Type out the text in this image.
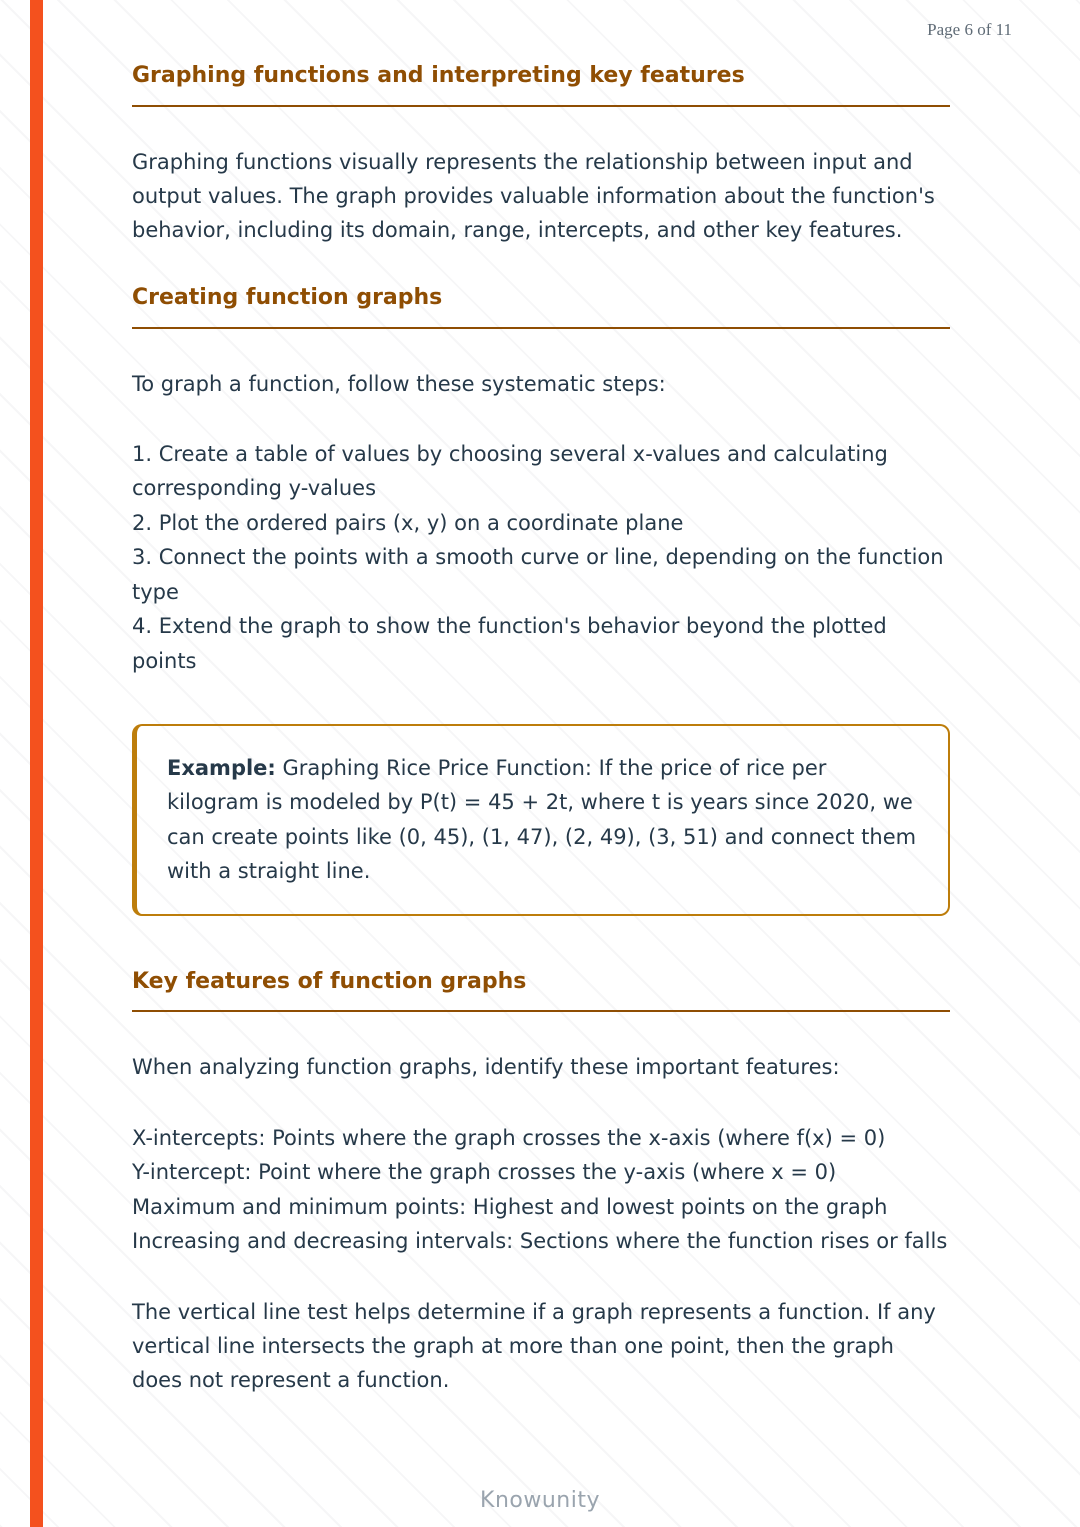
Page 6 of 11
Graphing functions and interpreting key features

Graphing functions visually represents the relationship between input and output values. The graph provides valuable information about the function's behavior, including its domain, range, intercepts, and other key features.

Creating function graphs

To graph a function, follow these systematic steps:

1. Create a table of values by choosing several x-values and calculating corresponding y-values
2. Plot the ordered pairs (x, y) on a coordinate plane
3. Connect the points with a smooth curve or line, depending on the function type
4. Extend the graph to show the function's behavior beyond the plotted points
Example: Graphing Rice Price Function: If the price of rice per kilogram is modeled by P(t) = 45 + 2t, where t is years since 2020, we can create points like (0, 45), (1, 47), (2, 49), (3, 51) and connect them with a straight line.
Key features of function graphs

When analyzing function graphs, identify these important features:

X-intercepts: Points where the graph crosses the x-axis (where f(x) = 0)
Y-intercept: Point where the graph crosses the y-axis (where x = 0)
Maximum and minimum points: Highest and lowest points on the graph
Increasing and decreasing intervals: Sections where the function rises or falls

The vertical line test helps determine if a graph represents a function. If any vertical line intersects the graph at more than one point, then the graph does not represent a function.

Knowunity
